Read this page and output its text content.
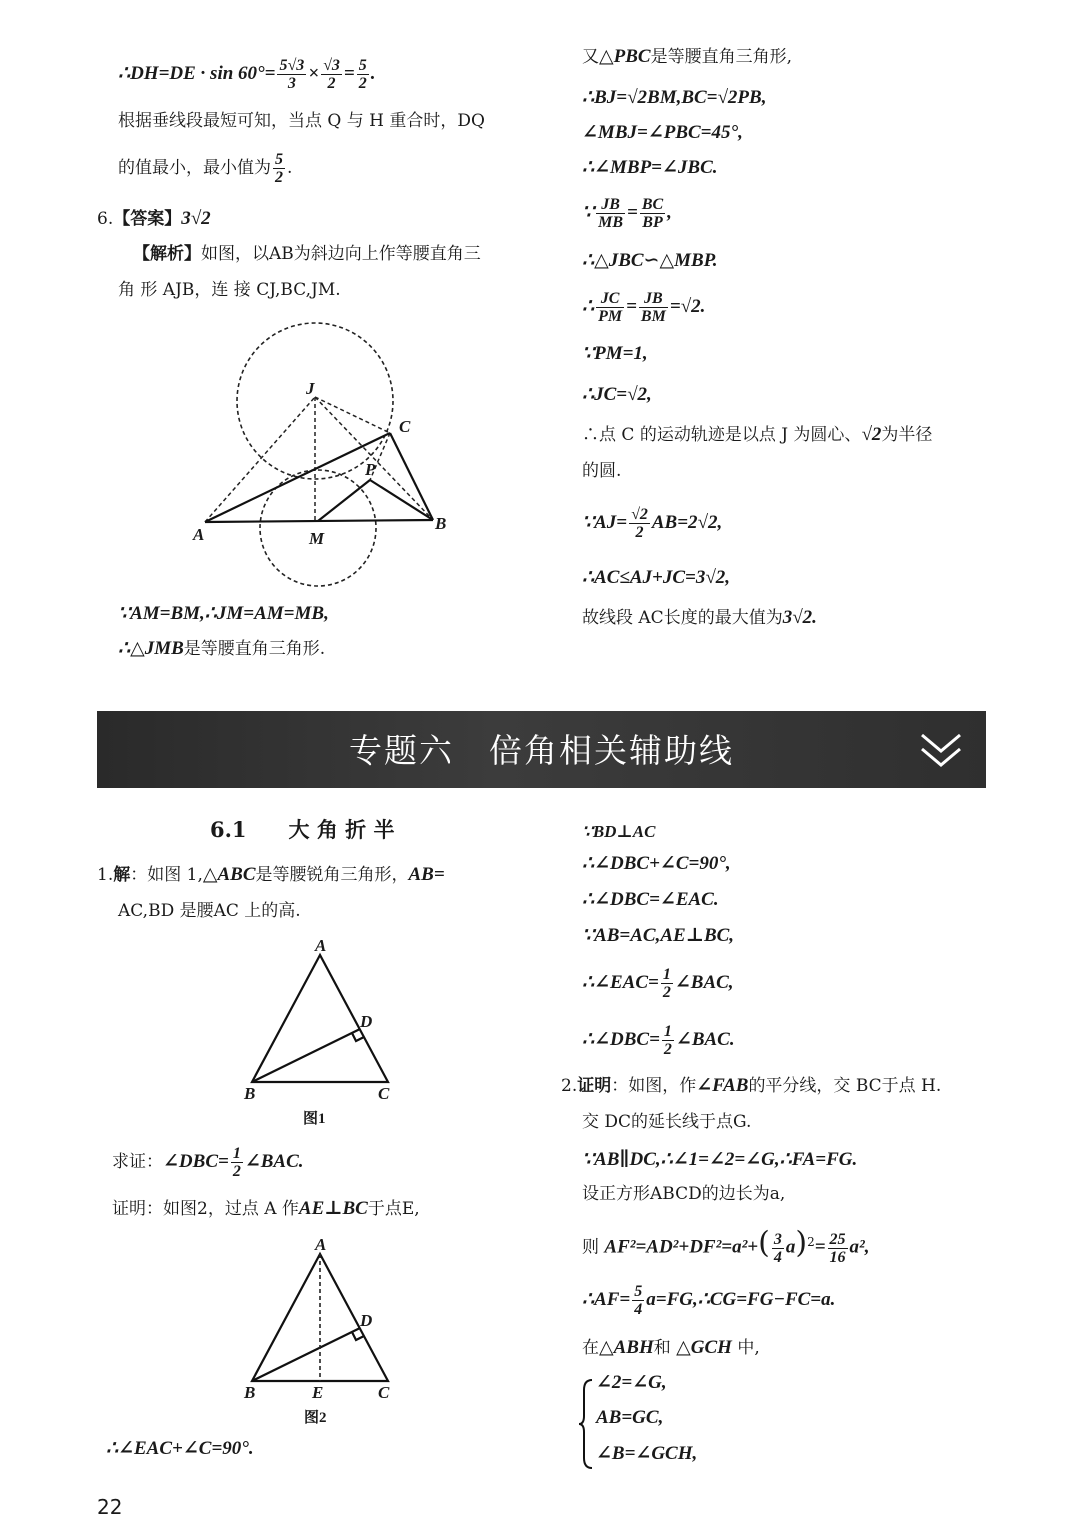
∴DH=DE · $\sin 60^\circ= \frac{5√3}{3} \times \frac{√3}{2} = \frac{5}{2}$ .
根据垂线段最短可知，当点 Q 与 H 重合时，DQ
的值最小，最小值为 $\frac{5}{2}$ .
6.【答案】3√2
【解析】如图，以AB为斜边向上作等腰直角三
角 形 AJB，连 接 CJ,BC,JM.
J
C
P
A	M
B
∵AM=BM,∴JM=AM=MB,
∴△JMB是等腰直角三角形.
又△PBC是等腰直角三角形,
∴BJ=√2BM,BC=√2PB,
∠MBJ=∠PBC=45°,
∴∠MBP=∠JBC.
∵ $\frac{JB}{MB} = \frac{BC}{BP}$ ,
∴△JBC∽△MBP.
∴ $\frac{JC}{PM} = \frac{JB}{BM} =√2$.
∵PM=1,
∴JC=√2,
∴点 C 的运动轨迹是以点 J 为圆心、√2为半径
的圆.
∵AJ= $\frac{√2}{2} AB=2√2$,
∴AC≤AJ+JC=3√2,
故线段 AC长度的最大值为3√2.
专题六　倍角相关辅助线
6.1　　大 角 折 半
1.解：如图 1,△ABC是等腰锐角三角形，AB=
AC,BD 是腰AC 上的高.
A
D
B	C
图1
求证：∠DBC= $\frac{1}{2}$ ∠BAC.
证明：如图2，过点 A 作AE⊥BC于点E,
A
D
B	E	C
图2
∴∠EAC+∠C=90°.
∵BD⊥AC
∴∠DBC+∠C=90°,
∴∠DBC=∠EAC.
∵AB=AC,AE⊥BC,
∴∠EAC= $\frac{1}{2}$ ∠BAC,
∴∠DBC= $\frac{1}{2}$ ∠BAC.
2.证明：如图，作∠FAB的平分线，交 BC于点 H.
交 DC的延长线于点G.
∵AB∥DC,∴∠1=∠2=∠G,∴FA=FG.
设正方形ABCD的边长为a,
则 $AF^2=AD^2+DF^2=a^2+( \frac{3}{4} a)^2= \frac{25}{16} a^2$,
∴AF= $\frac{5}{4}$ a=FG,∴CG=FG−FC=a.
在△ABH和 △GCH 中,
∠2=∠G,
AB=GC,
∠B=∠GCH,
22
